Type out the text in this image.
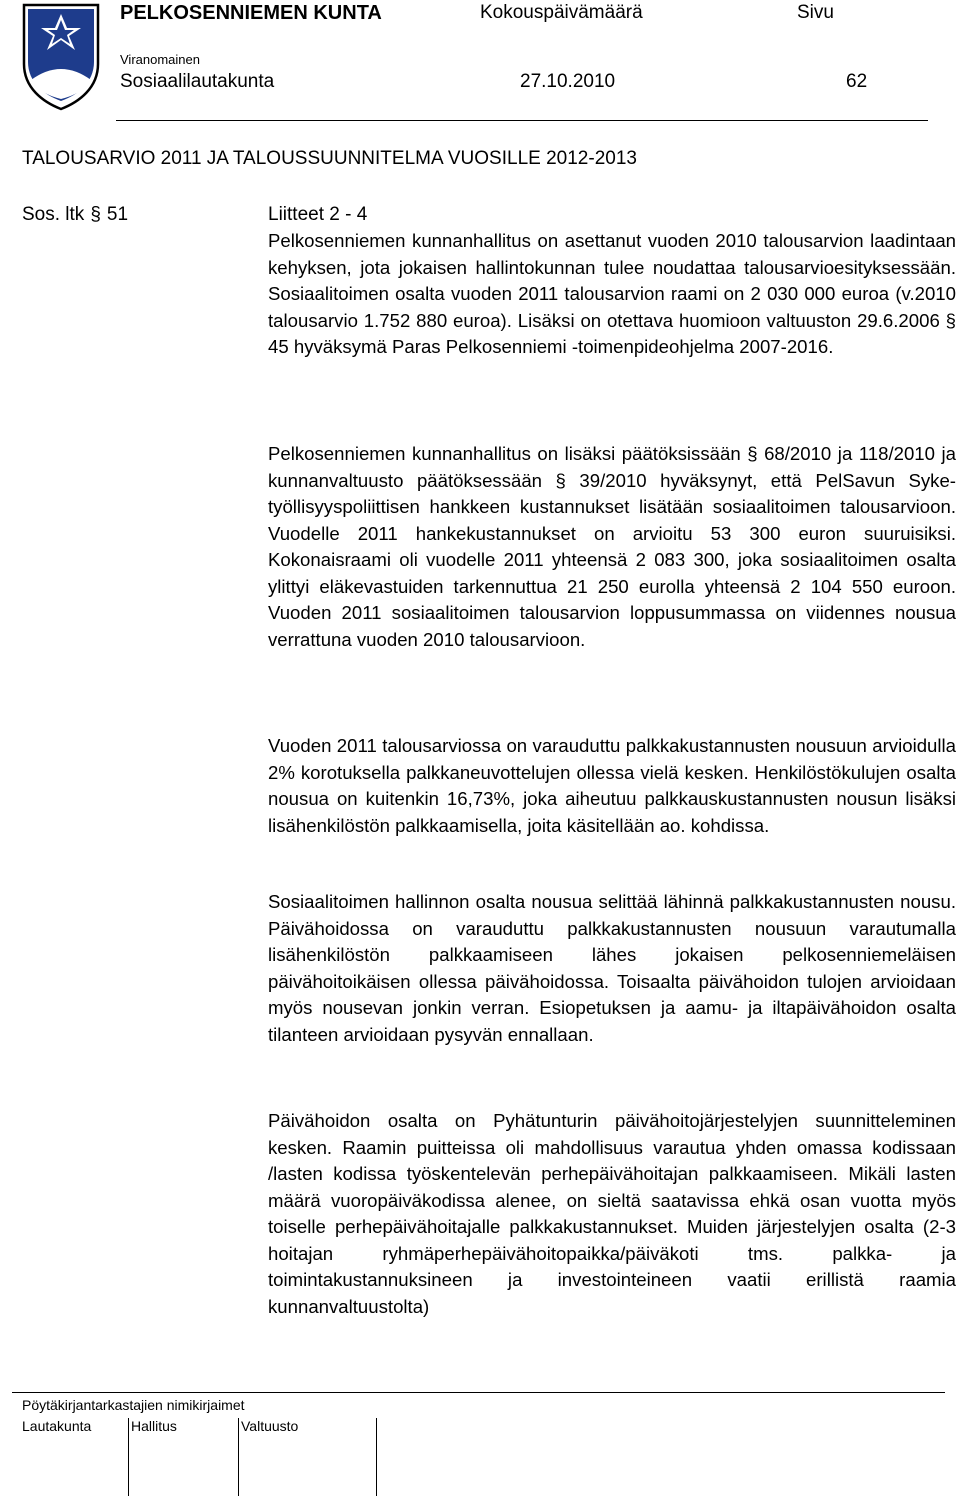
PELKOSENNIEMEN KUNTA	Kokouspäivämäärä	Sivu
Viranomainen
Sosiaalilautakunta	27.10.2010	62
TALOUSARVIO 2011 JA TALOUSSUUNNITELMA VUOSILLE 2012-2013
Sos. ltk § 51	Liitteet 2 - 4

Pelkosenniemen kunnanhallitus on asettanut vuoden 2010 talousarvion laadintaan kehyksen, jota jokaisen hallintokunnan tulee noudattaa talousarvioesityksessään. Sosiaalitoimen osalta vuoden 2011 talousarvion raami on 2 030 000 euroa (v.2010 talousarvio 1.752 880 euroa). Lisäksi on otettava huomioon valtuuston 29.6.2006 § 45 hyväksymä Paras Pelkosenniemi -toimenpideohjelma 2007-2016.

Pelkosenniemen kunnanhallitus on lisäksi päätöksissään § 68/2010 ja 118/2010 ja kunnanvaltuusto päätöksessään § 39/2010 hyväksynyt, että PelSavun Syke- työllisyyspoliittisen hankkeen kustannukset lisätään sosiaalitoimen talousarvioon. Vuodelle 2011 hankekustannukset on arvioitu 53 300 euron suuruisiksi. Kokonaisraami oli vuodelle 2011 yhteensä 2 083 300, joka sosiaalitoimen osalta ylittyi eläkevastuiden tarkennuttua 21 250 eurolla yhteensä 2 104 550 euroon. Vuoden 2011 sosiaalitoimen talousarvion loppusummassa on viidennes nousua verrattuna vuoden 2010 talousarvioon.

Vuoden 2011 talousarviossa on varauduttu palkkakustannusten nousuun arvioidulla 2% korotuksella palkkaneuvottelujen ollessa vielä kesken. Henkilöstökulujen osalta nousua on kuitenkin 16,73%, joka aiheutuu palkkauskustannusten nousun lisäksi lisähenkilöstön palkkaamisella, joita käsitellään ao. kohdissa.

Sosiaalitoimen hallinnon osalta nousua selittää lähinnä palkkakustannusten nousu. Päivähoidossa on varauduttu palkkakustannusten nousuun varautumalla lisähenkilöstön palkkaamiseen lähes jokaisen pelkosenniemeläisen päivähoitoikäisen ollessa päivähoidossa. Toisaalta päivähoidon tulojen arvioidaan myös nousevan jonkin verran. Esiopetuksen ja aamu- ja iltapäivähoidon osalta tilanteen arvioidaan pysyvän ennallaan.

Päivähoidon osalta on Pyhätunturin päivähoitojärjestelyjen suunnitteleminen kesken. Raamin puitteissa oli mahdollisuus varautua yhden omassa kodissaan /lasten kodissa työskentelevän perhepäivähoitajan palkkaamiseen. Mikäli lasten määrä vuoropäiväkodissa alenee, on sieltä saatavissa ehkä osan vuotta myös toiselle perhepäivähoitajalle palkkakustannukset. Muiden järjestelyjen osalta (2-3 hoitajan ryhmäperhepäivähoitopaikka/päiväkoti tms. palkka- ja toimintakustannuksineen ja investointeineen vaatii erillistä raamia kunnanvaltuustolta)

Pöytäkirjantarkastajien nimikirjaimet
Lautakunta	Hallitus	Valtuusto
